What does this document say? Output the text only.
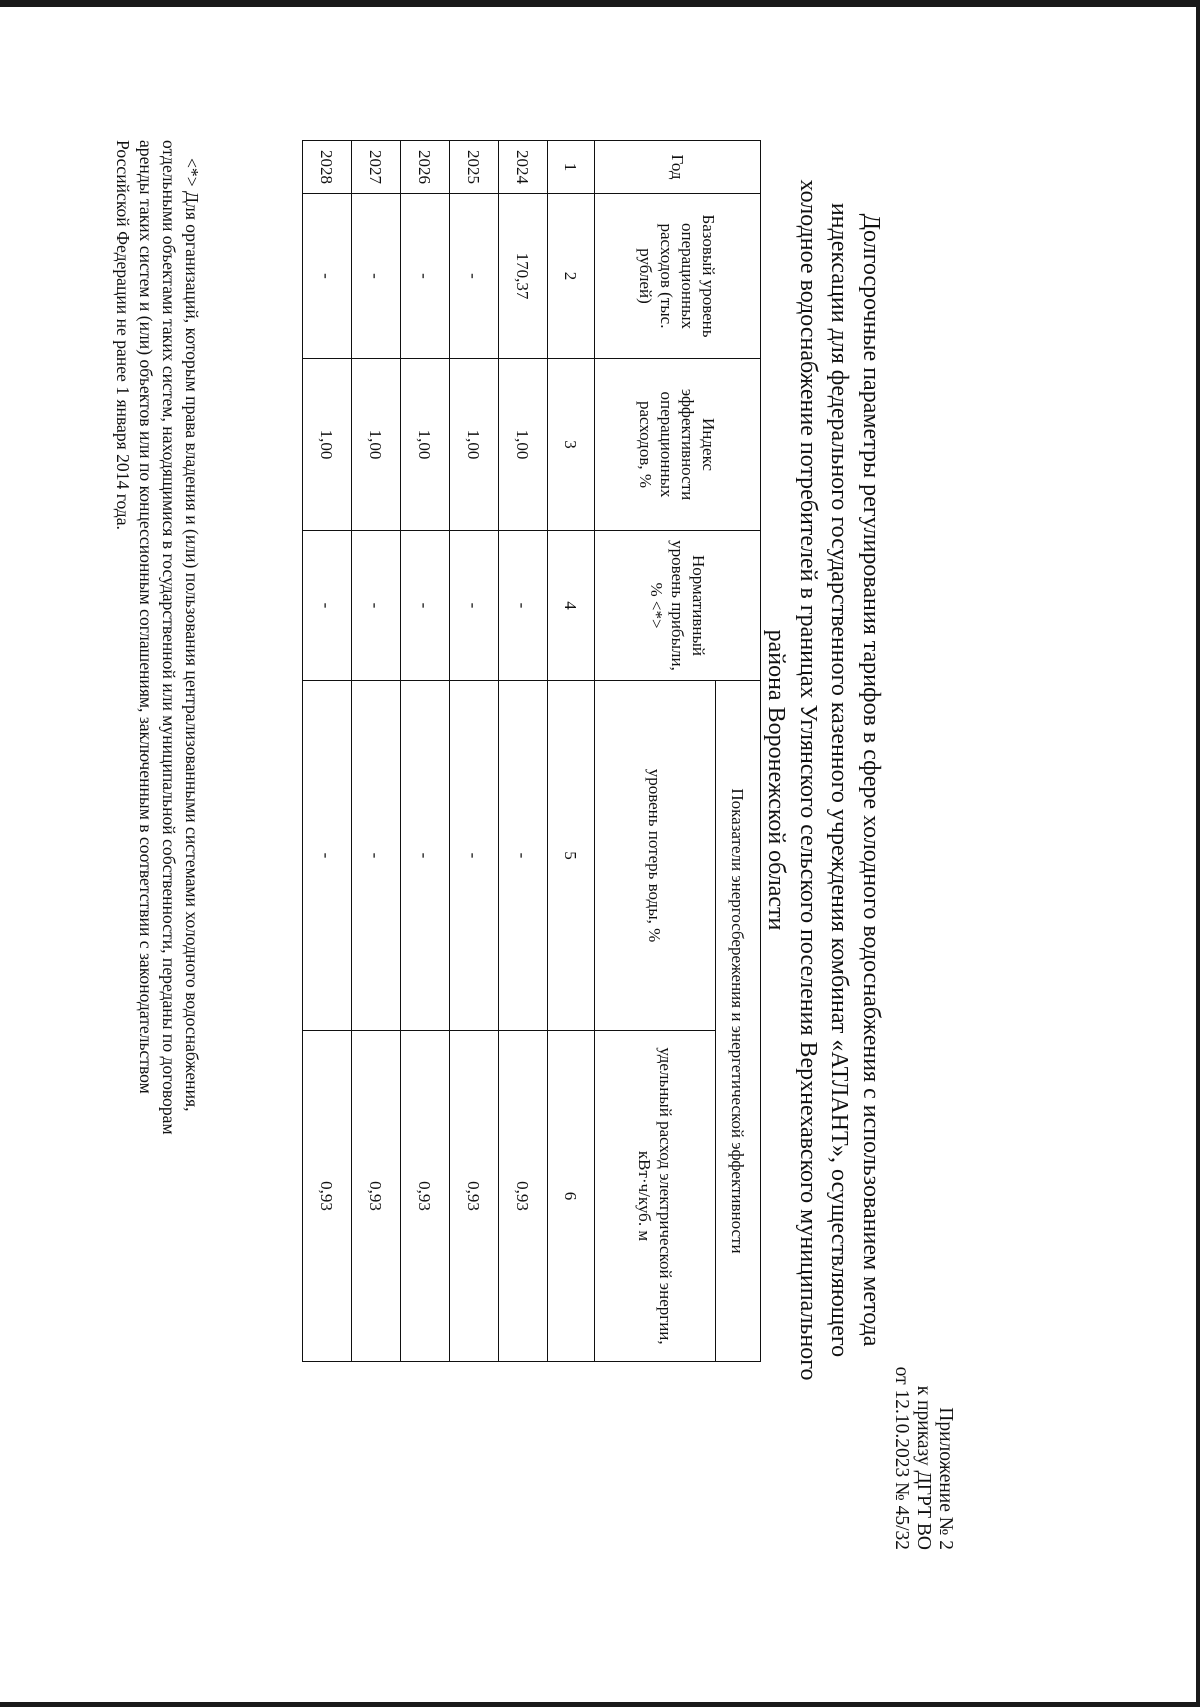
Приложение № 2
к приказу ДГРТ ВО
от 12.10.2023 № 45/32
Долгосрочные параметры регулирования тарифов в сфере холодного водоснабжения с использованием метода
индексации для федерального государственного казенного учреждения комбинат «АТЛАНТ», осуществляющего
холодное водоснабжение потребителей в границах Углянского сельского поселения Верхнехавского муниципального
района Воронежской области
Год	Базовый уровень операционных расходов (тыс. рублей)	Индекс эффективности операционных расходов, %	Нормативный уровень прибыли, % <*>	Показатели энергосбережения и энергетической эффективности	
				уровень потерь воды, %	удельный расход электрической энергии, кВт·ч/куб. м
1	2	3	4	5	6
2024	170,37	1,00	-	-	0,93
2025	-	1,00	-	-	0,93
2026	-	1,00	-	-	0,93
2027	-	1,00	-	-	0,93
2028	-	1,00	-	-	0,93
<*> Для организаций, которым права владения и (или) пользования централизованными системами холодного водоснабжения,
отдельными объектами таких систем, находящимися в государственной или муниципальной собственности, переданы по договорам
аренды таких систем и (или) объектов или по концессионным соглашениям, заключенным в соответствии с законодательством
Российской Федерации не ранее 1 января 2014 года.
